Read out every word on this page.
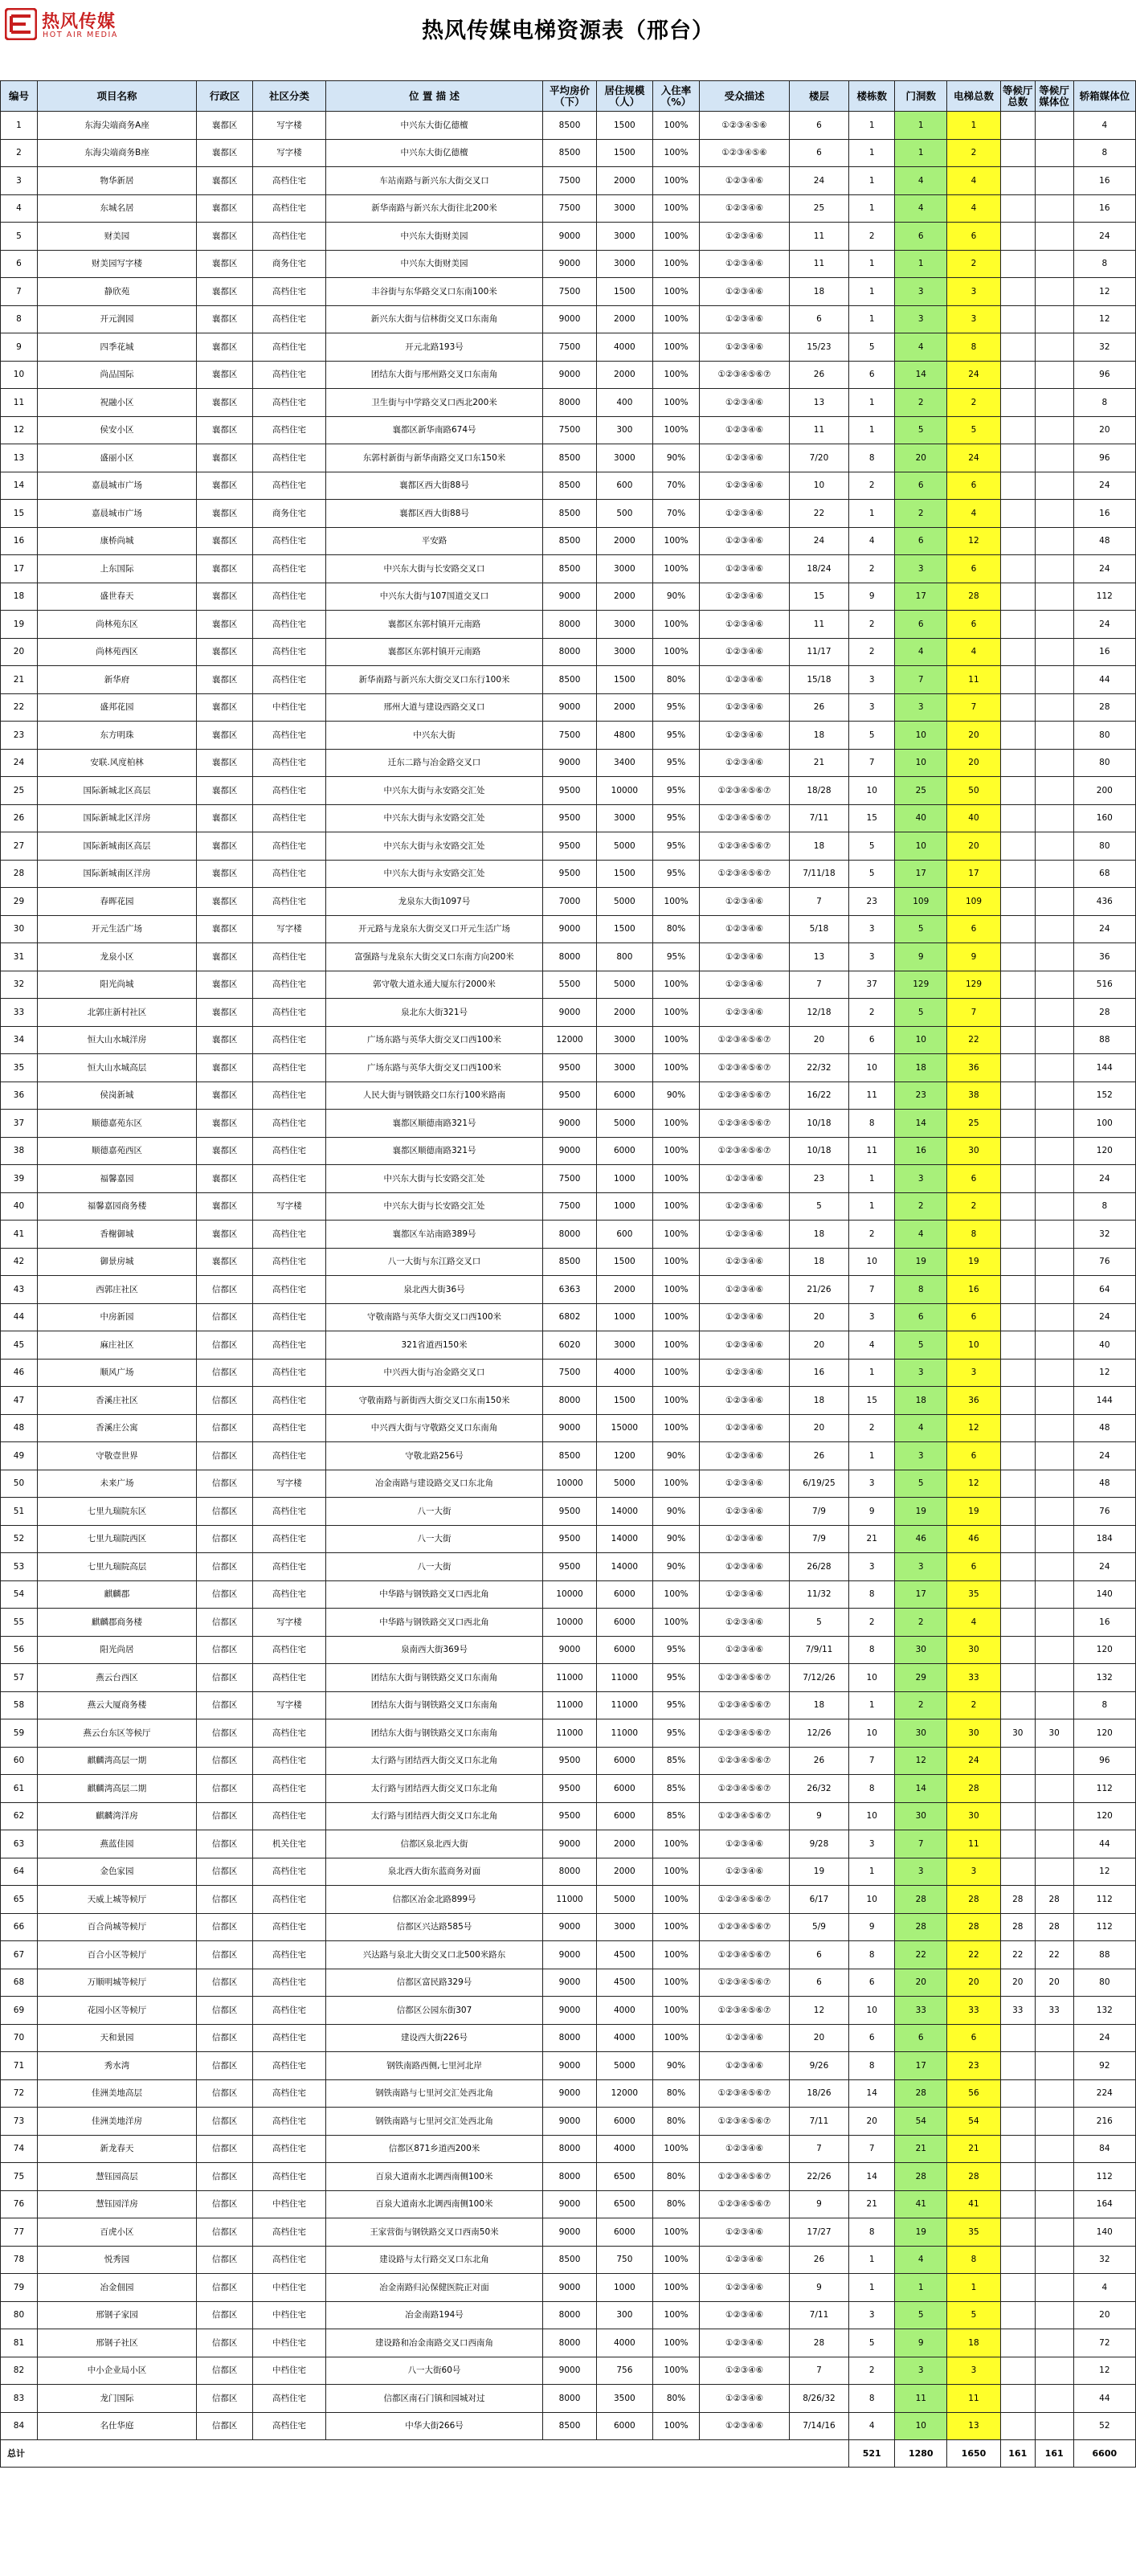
热风传媒
HOT AIR MEDIA	热风传媒电梯资源表（邢台）
编号	项目名称	行政区	社区分类	位 置 描 述	平均房价（下）	居住规模（人）	入住率（%）	受众描述	楼层	楼栋数	门洞数	电梯总数	等候厅总数	等候厅媒体位	轿箱媒体位
1	东海尖端商务A座	襄都区	写字楼	中兴东大街亿德檀	8500	1500	100%	①②③④⑤⑥	6	1	1	1			4
2	东海尖端商务B座	襄都区	写字楼	中兴东大街亿德檀	8500	1500	100%	①②③④⑤⑥	6	1	1	2			8
3	物华新居	襄都区	高档住宅	车站南路与新兴东大街交叉口	7500	2000	100%	①②③④⑥	24	1	4	4			16
4	东城名居	襄都区	高档住宅	新华南路与新兴东大街往北200米	7500	3000	100%	①②③④⑥	25	1	4	4			16
5	财美园	襄都区	高档住宅	中兴东大街财美园	9000	3000	100%	①②③④⑥	11	2	6	6			24
6	财美园写字楼	襄都区	商务住宅	中兴东大街财美园	9000	3000	100%	①②③④⑥	11	1	1	2			8
7	静欣苑	襄都区	高档住宅	丰谷街与东华路交叉口东南100米	7500	1500	100%	①②③④⑥	18	1	3	3			12
8	开元润园	襄都区	高档住宅	新兴东大街与信林街交叉口东南角	9000	2000	100%	①②③④⑥	6	1	3	3			12
9	四季花城	襄都区	高档住宅	开元北路193号	7500	4000	100%	①②③④⑥	15/23	5	4	8			32
10	尚品国际	襄都区	高档住宅	团结东大街与邢州路交叉口东南角	9000	2000	100%	①②③④⑤⑥⑦	26	6	14	24			96
11	祝融小区	襄都区	高档住宅	卫生街与中学路交叉口西北200米	8000	400	100%	①②③④⑥	13	1	2	2			8
12	侯安小区	襄都区	高档住宅	襄都区新华南路674号	7500	300	100%	①②③④⑥	11	1	5	5			20
13	盛丽小区	襄都区	高档住宅	东郭村新街与新华南路交叉口东150米	8500	3000	90%	①②③④⑥	7/20	8	20	24			96
14	嘉晨城市广场	襄都区	高档住宅	襄都区西大街88号	8500	600	70%	①②③④⑥	10	2	6	6			24
15	嘉晨城市广场	襄都区	商务住宅	襄都区西大街88号	8500	500	70%	①②③④⑥	22	1	2	4			16
16	康桥尚城	襄都区	高档住宅	平安路	8500	2000	100%	①②③④⑥	24	4	6	12			48
17	上东国际	襄都区	高档住宅	中兴东大街与长安路交叉口	8500	3000	100%	①②③④⑥	18/24	2	3	6			24
18	盛世春天	襄都区	高档住宅	中兴东大街与107国道交叉口	9000	2000	90%	①②③④⑥	15	9	17	28			112
19	尚林苑东区	襄都区	高档住宅	襄都区东郭村镇开元南路	8000	3000	100%	①②③④⑥	11	2	6	6			24
20	尚林苑西区	襄都区	高档住宅	襄都区东郭村镇开元南路	8000	3000	100%	①②③④⑥	11/17	2	4	4			16
21	新华府	襄都区	高档住宅	新华南路与新兴东大街交叉口东行100米	8500	1500	80%	①②③④⑥	15/18	3	7	11			44
22	盛邦花园	襄都区	中档住宅	邢州大道与建设西路交叉口	9000	2000	95%	①②③④⑥	26	3	3	7			28
23	东方明珠	襄都区	高档住宅	中兴东大街	7500	4800	95%	①②③④⑥	18	5	10	20			80
24	安联.风度柏林	襄都区	高档住宅	迁东二路与冶金路交叉口	9000	3400	95%	①②③④⑥	21	7	10	20			80
25	国际新城北区高层	襄都区	高档住宅	中兴东大街与永安路交汇处	9500	10000	95%	①②③④⑤⑥⑦	18/28	10	25	50			200
26	国际新城北区洋房	襄都区	高档住宅	中兴东大街与永安路交汇处	9500	3000	95%	①②③④⑤⑥⑦	7/11	15	40	40			160
27	国际新城南区高层	襄都区	高档住宅	中兴东大街与永安路交汇处	9500	5000	95%	①②③④⑤⑥⑦	18	5	10	20			80
28	国际新城南区洋房	襄都区	高档住宅	中兴东大街与永安路交汇处	9500	1500	95%	①②③④⑤⑥⑦	7/11/18	5	17	17			68
29	春晖花园	襄都区	高档住宅	龙泉东大街1097号	7000	5000	100%	①②③④⑥	7	23	109	109			436
30	开元生活广场	襄都区	写字楼	开元路与龙泉东大街交叉口开元生活广场	9000	1500	80%	①②③④⑥	5/18	3	5	6			24
31	龙泉小区	襄都区	高档住宅	富强路与龙泉东大街交叉口东南方向200米	8000	800	95%	①②③④⑥	13	3	9	9			36
32	阳光尚城	襄都区	高档住宅	郭守敬大道永通大厦东行2000米	5500	5000	100%	①②③④⑥	7	37	129	129			516
33	北郭庄新村社区	襄都区	高档住宅	泉北东大街321号	9000	2000	100%	①②③④⑥	12/18	2	5	7			28
34	恒大山水城洋房	襄都区	高档住宅	广场东路与英华大街交叉口西100米	12000	3000	100%	①②③④⑤⑥⑦	20	6	10	22			88
35	恒大山水城高层	襄都区	高档住宅	广场东路与英华大街交叉口西100米	9500	3000	100%	①②③④⑤⑥⑦	22/32	10	18	36			144
36	侯岗新城	襄都区	高档住宅	人民大街与钢铁路交口东行100米路南	9500	6000	90%	①②③④⑤⑥⑦	16/22	11	23	38			152
37	顺德嘉苑东区	襄都区	高档住宅	襄都区顺德南路321号	9000	5000	100%	①②③④⑤⑥⑦	10/18	8	14	25			100
38	顺德嘉苑西区	襄都区	高档住宅	襄都区顺德南路321号	9000	6000	100%	①②③④⑤⑥⑦	10/18	11	16	30			120
39	福馨嘉园	襄都区	高档住宅	中兴东大街与长安路交汇处	7500	1000	100%	①②③④⑥	23	1	3	6			24
40	福馨嘉园商务楼	襄都区	写字楼	中兴东大街与长安路交汇处	7500	1000	100%	①②③④⑥	5	1	2	2			8
41	香榭御城	襄都区	高档住宅	襄都区车站南路389号	8000	600	100%	①②③④⑥	18	2	4	8			32
42	御景房城	襄都区	高档住宅	八一大街与东江路交叉口	8500	1500	100%	①②③④⑥	18	10	19	19			76
43	西郭庄社区	信都区	高档住宅	泉北西大街36号	6363	2000	100%	①②③④⑥	21/26	7	8	16			64
44	中房新园	信都区	高档住宅	守敬南路与英华大街交叉口西100米	6802	1000	100%	①②③④⑥	20	3	6	6			24
45	麻庄社区	信都区	高档住宅	321省道西150米	6020	3000	100%	①②③④⑥	20	4	5	10			40
46	顺风广场	信都区	高档住宅	中兴西大街与冶金路交叉口	7500	4000	100%	①②③④⑥	16	1	3	3			12
47	香溪庄社区	信都区	高档住宅	守敬南路与新街西大街交叉口东南150米	8000	1500	100%	①②③④⑥	18	15	18	36			144
48	香溪庄公寓	信都区	高档住宅	中兴西大街与守敬路交叉口东南角	9000	15000	100%	①②③④⑥	20	2	4	12			48
49	守敬壹世界	信都区	高档住宅	守敬北路256号	8500	1200	90%	①②③④⑥	26	1	3	6			24
50	未来广场	信都区	写字楼	冶金南路与建设路交叉口东北角	10000	5000	100%	①②③④⑥	6/19/25	3	5	12			48
51	七里九瑞院东区	信都区	高档住宅	八一大街	9500	14000	90%	①②③④⑥	7/9	9	19	19			76
52	七里九瑞院西区	信都区	高档住宅	八一大街	9500	14000	90%	①②③④⑥	7/9	21	46	46			184
53	七里九瑞院高层	信都区	高档住宅	八一大街	9500	14000	90%	①②③④⑥	26/28	3	3	6			24
54	麒麟郡	信都区	高档住宅	中华路与钢铁路交叉口西北角	10000	6000	100%	①②③④⑥	11/32	8	17	35			140
55	麒麟郡商务楼	信都区	写字楼	中华路与钢铁路交叉口西北角	10000	6000	100%	①②③④⑥	5	2	2	4			16
56	阳光尚居	信都区	高档住宅	泉南西大街369号	9000	6000	95%	①②③④⑥	7/9/11	8	30	30			120
57	燕云台西区	信都区	高档住宅	团结东大街与钢铁路交叉口东南角	11000	11000	95%	①②③④⑤⑥⑦	7/12/26	10	29	33			132
58	燕云大厦商务楼	信都区	写字楼	团结东大街与钢铁路交叉口东南角	11000	11000	95%	①②③④⑤⑥⑦	18	1	2	2			8
59	燕云台东区等候厅	信都区	高档住宅	团结东大街与钢铁路交叉口东南角	11000	11000	95%	①②③④⑤⑥⑦	12/26	10	30	30	30	30	120
60	麒麟湾高层一期	信都区	高档住宅	太行路与团结西大街交叉口东北角	9500	6000	85%	①②③④⑤⑥⑦	26	7	12	24			96
61	麒麟湾高层二期	信都区	高档住宅	太行路与团结西大街交叉口东北角	9500	6000	85%	①②③④⑤⑥⑦	26/32	8	14	28			112
62	麒麟湾洋房	信都区	高档住宅	太行路与团结西大街交叉口东北角	9500	6000	85%	①②③④⑤⑥⑦	9	10	30	30			120
63	燕蓝佳园	信都区	机关住宅	信都区泉北西大街	9000	2000	100%	①②③④⑥	9/28	3	7	11			44
64	金色家园	信都区	高档住宅	泉北西大街东蓝商务对面	8000	2000	100%	①②③④⑥	19	1	3	3			12
65	天威上城等候厅	信都区	高档住宅	信都区冶金北路899号	11000	5000	100%	①②③④⑤⑥⑦	6/17	10	28	28	28	28	112
66	百合尚城等候厅	信都区	高档住宅	信都区兴达路585号	9000	3000	100%	①②③④⑤⑥⑦	5/9	9	28	28	28	28	112
67	百合小区等候厅	信都区	高档住宅	兴达路与泉北大街交叉口北500米路东	9000	4500	100%	①②③④⑤⑥⑦	6	8	22	22	22	22	88
68	万顺明城等候厅	信都区	高档住宅	信都区富民路329号	9000	4500	100%	①②③④⑤⑥⑦	6	6	20	20	20	20	80
69	花园小区等候厅	信都区	高档住宅	信都区公园东街307	9000	4000	100%	①②③④⑤⑥⑦	12	10	33	33	33	33	132
70	天和景园	信都区	高档住宅	建设西大街226号	8000	4000	100%	①②③④⑥	20	6	6	6			24
71	秀水湾	信都区	高档住宅	钢铁南路西侧,七里河北岸	9000	5000	90%	①②③④⑥	9/26	8	17	23			92
72	佳洲美地高层	信都区	高档住宅	钢铁南路与七里河交汇处西北角	9000	12000	80%	①②③④⑤⑥⑦	18/26	14	28	56			224
73	佳洲美地洋房	信都区	高档住宅	钢铁南路与七里河交汇处西北角	9000	6000	80%	①②③④⑤⑥⑦	7/11	20	54	54			216
74	新龙春天	信都区	高档住宅	信都区871乡道西200米	8000	4000	100%	①②③④⑥	7	7	21	21			84
75	慧钰园高层	信都区	高档住宅	百泉大道南水北调西南侧100米	8000	6500	80%	①②③④⑤⑥⑦	22/26	14	28	28			112
76	慧钰园洋房	信都区	中档住宅	百泉大道南水北调西南侧100米	9000	6500	80%	①②③④⑤⑥⑦	9	21	41	41			164
77	百虎小区	信都区	高档住宅	王家营街与钢铁路交叉口西南50米	9000	6000	100%	①②③④⑥	17/27	8	19	35			140
78	悦秀园	信都区	高档住宅	建设路与太行路交叉口东北角	8500	750	100%	①②③④⑥	26	1	4	8			32
79	冶金佃园	信都区	中档住宅	冶金南路归沁保健医院正对面	9000	1000	100%	①②③④⑥	9	1	1	1			4
80	邢钢子家园	信都区	中档住宅	冶金南路194号	8000	300	100%	①②③④⑥	7/11	3	5	5			20
81	邢钢子社区	信都区	中档住宅	建设路和冶金南路交叉口西南角	8000	4000	100%	①②③④⑥	28	5	9	18			72
82	中小企业局小区	信都区	中档住宅	八一大街60号	9000	756	100%	①②③④⑥	7	2	3	3			12
83	龙门国际	信都区	高档住宅	信都区南石门镇和园城对过	8000	3500	80%	①②③④⑥	8/26/32	8	11	11			44
84	名仕华庭	信都区	高档住宅	中华大街266号	8500	6000	100%	①②③④⑥	7/14/16	4	10	13			52
总计										521	1280	1650	161	161	6600
